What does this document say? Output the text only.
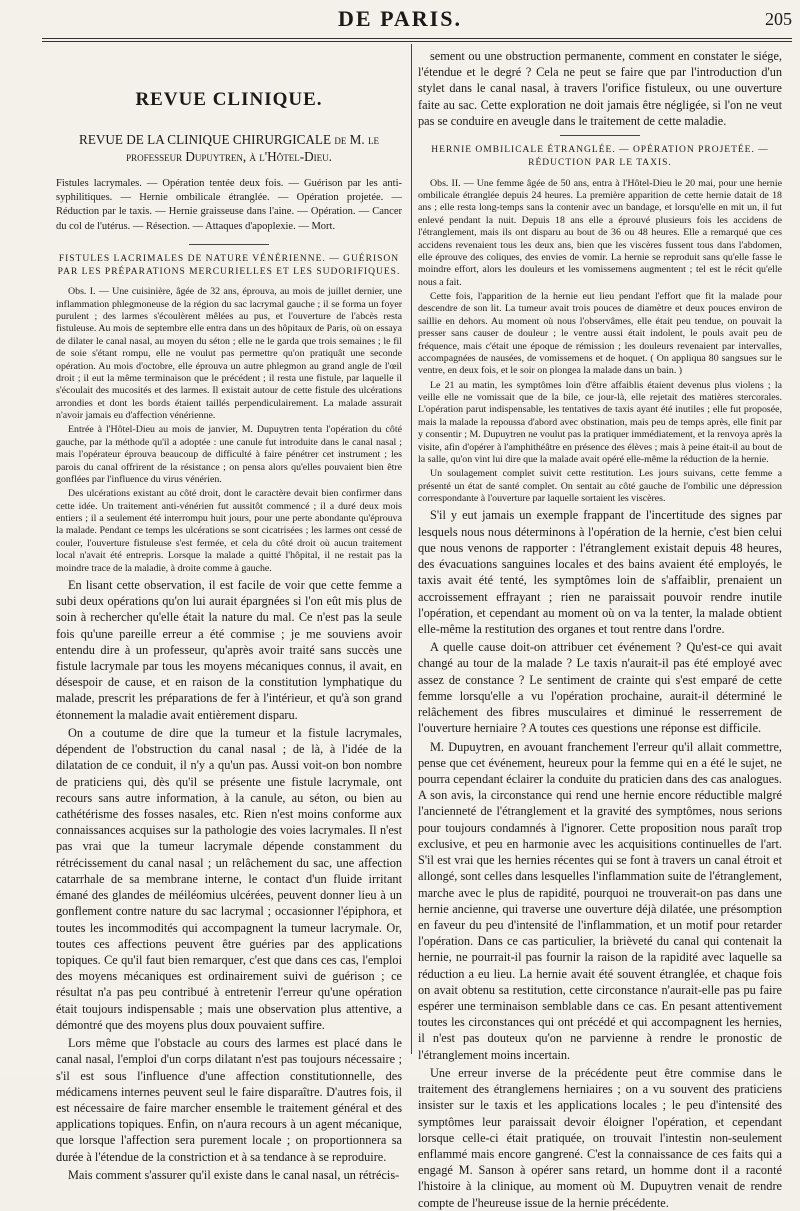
DE PARIS.	205
REVUE CLINIQUE.
REVUE DE LA CLINIQUE CHIRURGICALE de M. le professeur Dupuytren, à l'Hôtel-Dieu.
Fistules lacrymales. — Opération tentée deux fois. — Guérison par les anti-syphilitiques. — Hernie ombilicale étranglée. — Opération projetée. — Réduction par le taxis. — Hernie graisseuse dans l'aine. — Opération. — Cancer du col de l'utérus. — Résection. — Attaques d'apoplexie. — Mort.
FISTULES LACRIMALES DE NATURE VÉNÉRIENNE. — GUÉRISON PAR LES PRÉPARATIONS MERCURIELLES ET LES SUDORIFIQUES.

Obs. I. — Une cuisinière, âgée de 32 ans, éprouva, au mois de juillet dernier, une inflammation phlegmoneuse de la région du sac lacrymal gauche ; il se forma un foyer purulent ; des larmes s'écoulèrent mêlées au pus, et l'ouverture de l'abcès resta fistuleuse. Au mois de septembre elle entra dans un des hôpitaux de Paris, où on essaya de dilater le canal nasal, au moyen du séton ; elle ne le garda que trois semaines ; le fil de soie s'étant rompu, elle ne voulut pas permettre qu'on pratiquât une seconde opération. Au mois d'octobre, elle éprouva un autre phlegmon au grand angle de l'œil droit ; il eut la même terminaison que le précédent ; il resta une fistule, par laquelle il s'écoulait des mucosités et des larmes. Il existait autour de cette fistule des ulcérations arrondies et dont les bords étaient taillés perpendiculairement. La malade assurait n'avoir jamais eu d'affection vénérienne.

Entrée à l'Hôtel-Dieu au mois de janvier, M. Dupuytren tenta l'opération du côté gauche, par la méthode qu'il a adoptée : une canule fut introduite dans le canal nasal ; mais l'opérateur éprouva beaucoup de difficulté à faire pénétrer cet instrument ; les parois du canal offrirent de la résistance ; on pensa alors qu'elles pouvaient bien être gonflées par l'influence du virus vénérien.

Des ulcérations existant au côté droit, dont le caractère devait bien confirmer dans cette idée. Un traitement anti-vénérien fut aussitôt commencé ; il a duré deux mois entiers ; il a seulement été interrompu huit jours, pour une perte abondante qu'éprouva la malade. Pendant ce temps les ulcérations se sont cicatrisées ; les larmes ont cessé de couler, l'ouverture fistuleuse s'est fermée, et cela du côté droit où aucun traitement local n'avait été entrepris. Lorsque la malade a quitté l'hôpital, il ne restait pas la moindre trace de la maladie, à droite comme à gauche.

En lisant cette observation, il est facile de voir que cette femme a subi deux opérations qu'on lui aurait épargnées si l'on eût mis plus de soin à rechercher qu'elle était la nature du mal. Ce n'est pas la seule fois qu'une pareille erreur a été commise ; je me souviens avoir entendu dire à un professeur, qu'après avoir traité sans succès une fistule lacrymale par tous les moyens mécaniques connus, il avait, en désespoir de cause, et en raison de la constitution lymphatique du malade, prescrit les préparations de fer à l'intérieur, et qu'à son grand étonnement la maladie avait entièrement disparu.

On a coutume de dire que la tumeur et la fistule lacrymales, dépendent de l'obstruction du canal nasal ; de là, à l'idée de la dilatation de ce conduit, il n'y a qu'un pas. Aussi voit-on bon nombre de praticiens qui, dès qu'il se présente une fistule lacrymale, ont recours sans autre information, à la canule, au séton, ou bien au cathétérisme des fosses nasales, etc. Rien n'est moins conforme aux connaissances acquises sur la pathologie des voies lacrymales. Il n'est pas vrai que la tumeur lacrymale dépende constamment du rétrécissement du canal nasal ; un relâchement du sac, une affection catarrhale de sa membrane interne, le contact d'un fluide irritant émané des glandes de méiléomius ulcérées, peuvent donner lieu à un gonflement contre nature du sac lacrymal ; occasionner l'épiphora, et toutes les incommodités qui accompagnent la tumeur lacrymale. Or, toutes ces affections peuvent être guéries par des applications topiques. Ce qu'il faut bien remarquer, c'est que dans ces cas, l'emploi des moyens mécaniques est ordinairement suivi de guérison ; ce résultat n'a pas peu contribué à entretenir l'erreur qu'une opération était toujours indispensable ; mais une observation plus attentive, a démontré que des moyens plus doux pouvaient suffire.

Lors même que l'obstacle au cours des larmes est placé dans le canal nasal, l'emploi d'un corps dilatant n'est pas toujours nécessaire ; s'il est sous l'influence d'une affection constitutionnelle, des médicamens internes peuvent seul le faire disparaître. D'autres fois, il est nécessaire de faire marcher ensemble le traitement général et des applications topiques. Enfin, on n'aura recours à un agent mécanique, que lorsque l'affection sera purement locale ; on proportionnera sa durée à l'étendue de la constriction et à sa tendance à se reproduire.

Mais comment s'assurer qu'il existe dans le canal nasal, un rétrécis-

sement ou une obstruction permanente, comment en constater le siége, l'étendue et le degré ? Cela ne peut se faire que par l'introduction d'un stylet dans le canal nasal, à travers l'orifice fistuleux, ou une ouverture faite au sac. Cette exploration ne doit jamais être négligée, si l'on ne veut pas se conduire en aveugle dans le traitement de cette maladie.

HERNIE OMBILICALE ÉTRANGLÉE. — OPÉRATION PROJETÉE. — RÉDUCTION PAR LE TAXIS.

Obs. II. — Une femme âgée de 50 ans, entra à l'Hôtel-Dieu le 20 mai, pour une hernie ombilicale étranglée depuis 24 heures. La première apparition de cette hernie datait de 18 ans ; elle resta long-temps sans la contenir avec un bandage, et lorsqu'elle en mit un, il fut enlevé pendant la nuit. Depuis 18 ans elle a éprouvé plusieurs fois les accidens de l'étranglement, mais ils ont disparu au bout de 36 ou 48 heures. Elle a remarqué que ces accidens revenaient tous les deux ans, bien que les viscères fussent tous dans l'abdomen, elle éprouve des coliques, des envies de vomir. La hernie se reproduit sans qu'elle fasse le moindre effort, alors les douleurs et les vomissemens augmentent ; tel est le récit qu'elle nous a fait.

Cette fois, l'apparition de la hernie eut lieu pendant l'effort que fit la malade pour descendre de son lit. La tumeur avait trois pouces de diamètre et deux pouces environ de saillie en dehors. Au moment où nous l'observâmes, elle était peu tendue, on pouvait la presser sans causer de douleur ; le ventre aussi était indolent, le pouls avait peu de fréquence, mais c'était une époque de rémission ; les douleurs revenaient par intervalles, accompagnées de nausées, de vomissemens et de hoquet. ( On appliqua 80 sangsues sur le ventre, en deux fois, et le soir on plongea la malade dans un bain. )

Le 21 au matin, les symptômes loin d'être affaiblis étaient devenus plus violens ; la veille elle ne vomissait que de la bile, ce jour-là, elle rejetait des matières stercorales. L'opération parut indispensable, les tentatives de taxis ayant été inutiles ; elle fut proposée, mais la malade la repoussa d'abord avec obstination, mais peu de temps après, elle finit par y consentir ; M. Dupuytren ne voulut pas la pratiquer immédiatement, et la renvoya après la visite, afin d'opérer à l'amphithéâtre en présence des élèves ; mais à peine était-il au bout de la salle, qu'on vint lui dire que la malade avait opéré elle-même la réduction de la hernie.

Un soulagement complet suivit cette restitution. Les jours suivans, cette femme a présenté un état de santé complet. On sentait au côté gauche de l'ombilic une dépression correspondante à l'ouverture par laquelle sortaient les viscères.

S'il y eut jamais un exemple frappant de l'incertitude des signes par lesquels nous nous déterminons à l'opération de la hernie, c'est bien celui que nous venons de rapporter : l'étranglement existait depuis 48 heures, des évacuations sanguines locales et des bains avaient été employés, le taxis avait été tenté, les symptômes loin de s'affaiblir, prenaient un accroissement effrayant ; rien ne paraissait pouvoir rendre inutile l'opération, et cependant au moment où on va la tenter, la malade obtient elle-même la restitution des organes et tout rentre dans l'ordre.

A quelle cause doit-on attribuer cet événement ? Qu'est-ce qui avait changé au tour de la malade ? Le taxis n'aurait-il pas été employé avec assez de constance ? Le sentiment de crainte qui s'est emparé de cette femme lorsqu'elle a vu l'opération prochaine, aurait-il déterminé le relâchement des fibres musculaires et diminué le resserrement de l'ouverture herniaire ? A toutes ces questions une réponse est difficile.

M. Dupuytren, en avouant franchement l'erreur qu'il allait commettre, pense que cet événement, heureux pour la femme qui en a été le sujet, ne pourra cependant éclairer la conduite du praticien dans des cas analogues. A son avis, la circonstance qui rend une hernie encore réductible malgré l'ancienneté de l'étranglement et la gravité des symptômes, nous serions pour toujours condamnés à l'ignorer. Cette proposition nous paraît trop exclusive, et peu en harmonie avec les acquisitions continuelles de l'art. S'il est vrai que les hernies récentes qui se font à travers un canal étroit et allongé, sont celles dans lesquelles l'inflammation suite de l'étranglement, marche avec le plus de rapidité, pourquoi ne trouverait-on pas dans une hernie ancienne, qui traverse une ouverture déjà dilatée, une présomption en faveur du peu d'intensité de l'inflammation, et un motif pour retarder l'opération. Dans ce cas particulier, la brièveté du canal qui contenait la hernie, ne pourrait-il pas fournir la raison de la rapidité avec laquelle sa réduction a eu lieu. La hernie avait été souvent étranglée, et chaque fois on avait obtenu sa restitution, cette circonstance n'aurait-elle pas pu faire espérer une terminaison semblable dans ce cas. En pesant attentivement toutes les circonstances qui ont précédé et qui accompagnent les hernies, il n'est pas douteux qu'on ne parvienne à rendre le pronostic de l'étranglement moins incertain.

Une erreur inverse de la précédente peut être commise dans le traitement des étranglemens herniaires ; on a vu souvent des praticiens insister sur le taxis et les applications locales ; le peu d'intensité des symptômes leur paraissait devoir éloigner l'opération, et cependant lorsque celle-ci était pratiquée, on trouvait l'intestin non-seulement enflammé mais encore gangrené. C'est la connaissance de ces faits qui a engagé M. Sanson à opérer sans retard, un homme dont il a raconté l'histoire à la clinique, au moment où M. Dupuytren venait de rendre compte de l'heureuse issue de la hernie précédente.
